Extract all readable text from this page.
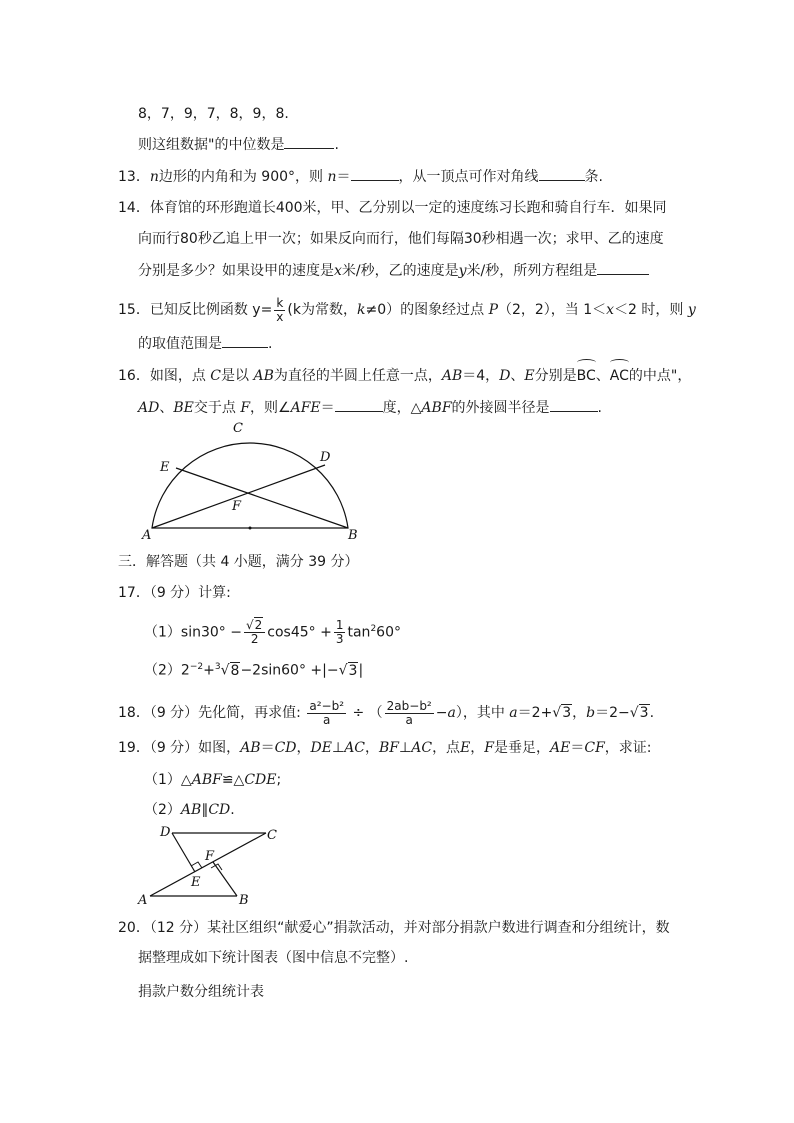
8，7，9，7，8，9，8.
则这组数据"的中位数是	.
13．n边形的内角和为 900°，则 n＝	，从一顶点可作对角线	条.
14．体育馆的环形跑道长400米，甲、乙分别以一定的速度练习长跑和骑自行车．如果同
向而行80秒乙追上甲一次；如果反向而行，他们每隔30秒相遇一次；求甲、乙的速度
分别是多少？如果设甲的速度是x米/秒，乙的速度是y米/秒，所列方程组是
15．已知反比例函数 $y= \frac{k}{x} (k$为常数，k≠0）的图象经过点 P（2，2），当 1＜x＜2 时，则 y
的取值范围是	.
16．如图，点 C是以 AB为直径的半圆上任意一点，AB＝4，D、E分别是
BC、
AC的中点"，
AD、BE交于点 F，则∠AFE＝	度，△ABF的外接圆半径是	.
C
E
D
F
A	B
三．解答题（共 4 小题，满分 39 分）
17．（9 分）计算:
$(1)\sin 30^\circ - \frac{√2}{2} \cos 45^\circ + \frac{1}{3} \tan^260^\circ$
$(2)2^{-2}+^3√8-2\sin 60^\circ +|-√3|$
18．（9 分）先化简，再求值: $\frac{\text{a²−b²}}{a}$ ÷ （ $\frac{\text{2ab−b²}}{a} -a$），其中 a＝2+√3，b＝2−√3.
19．（9 分）如图，AB＝CD，DE⊥AC，BF⊥AC，点E，F是垂足，AE＝CF，求证:
（1）△ABF≌△CDE;
（2）AB∥CD.
D	C
F
E
A	B
20．（12 分）某社区组织“献爱心”捐款活动，并对部分捐款户数进行调查和分组统计，数
据整理成如下统计图表（图中信息不完整）.
捐款户数分组统计表
